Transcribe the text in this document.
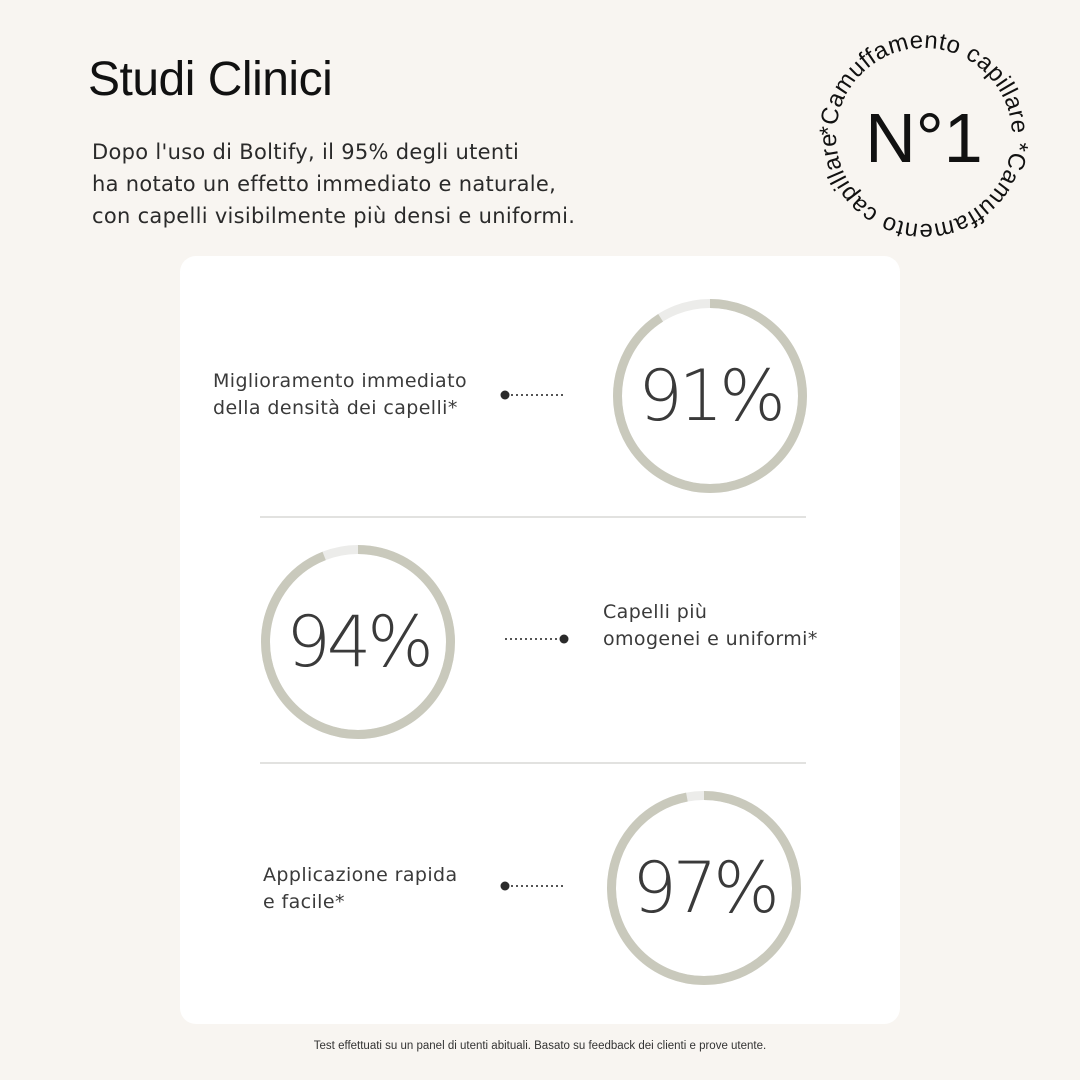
Studi Clinici
Dopo l'uso di Boltify, il 95% degli utenti
ha notato un effetto immediato e naturale,
con capelli visibilmente più densi e uniformi.
*Camuffamento capillare *Camuffamento capillare N°1
Miglioramento immediato
della densità dei capelli*	91%
94%	Capelli più
omogenei e uniformi*
Applicazione rapida
e facile*	97%
Test effettuati su un panel di utenti abituali. Basato su feedback dei clienti e prove utente.
